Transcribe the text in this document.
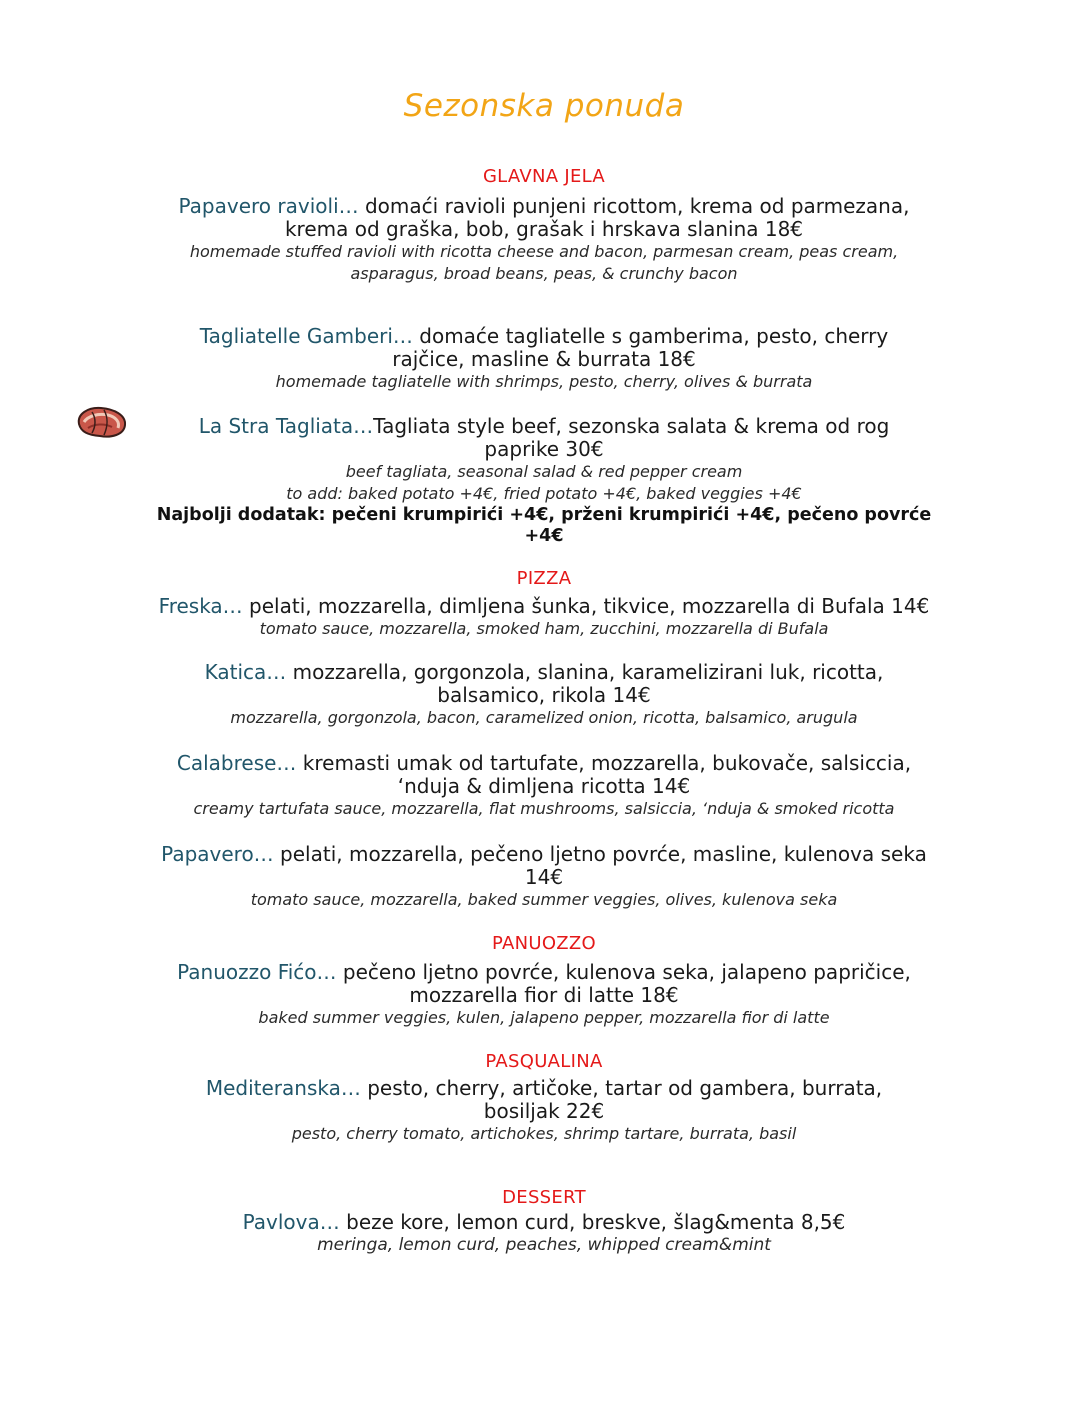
Sezonska ponuda
GLAVNA JELA
Papavero ravioli… domaći ravioli punjeni ricottom, krema od parmezana,
krema od graška, bob, grašak i hrskava slanina 18€
homemade stuffed ravioli with ricotta cheese and bacon, parmesan cream, peas cream,
asparagus, broad beans, peas, & crunchy bacon
Tagliatelle Gamberi… domaće tagliatelle s gamberima, pesto, cherry
rajčice, masline & burrata 18€
homemade tagliatelle with shrimps, pesto, cherry, olives & burrata
La Stra Tagliata…Tagliata style beef, sezonska salata & krema od rog
paprike 30€
beef tagliata, seasonal salad & red pepper cream
to add: baked potato +4€, fried potato +4€, baked veggies +4€
Najbolji dodatak: pečeni krumpirići +4€, prženi krumpirići +4€, pečeno povrće
+4€
PIZZA
Freska… pelati, mozzarella, dimljena šunka, tikvice, mozzarella di Bufala 14€
tomato sauce, mozzarella, smoked ham, zucchini, mozzarella di Bufala
Katica… mozzarella, gorgonzola, slanina, karamelizirani luk, ricotta,
balsamico, rikola 14€
mozzarella, gorgonzola, bacon, caramelized onion, ricotta, balsamico, arugula
Calabrese… kremasti umak od tartufate, mozzarella, bukovače, salsiccia,
‘nduja & dimljena ricotta 14€
creamy tartufata sauce, mozzarella, flat mushrooms, salsiccia, ‘nduja & smoked ricotta
Papavero… pelati, mozzarella, pečeno ljetno povrće, masline, kulenova seka
14€
tomato sauce, mozzarella, baked summer veggies, olives, kulenova seka
PANUOZZO
Panuozzo Fićo… pečeno ljetno povrće, kulenova seka, jalapeno papričice,
mozzarella fior di latte 18€
baked summer veggies, kulen, jalapeno pepper, mozzarella fior di latte
PASQUALINA
Mediteranska… pesto, cherry, artičoke, tartar od gambera, burrata,
bosiljak 22€
pesto, cherry tomato, artichokes, shrimp tartare, burrata, basil
DESSERT
Pavlova… beze kore, lemon curd, breskve, šlag&menta 8,5€
meringa, lemon curd, peaches, whipped cream&mint
